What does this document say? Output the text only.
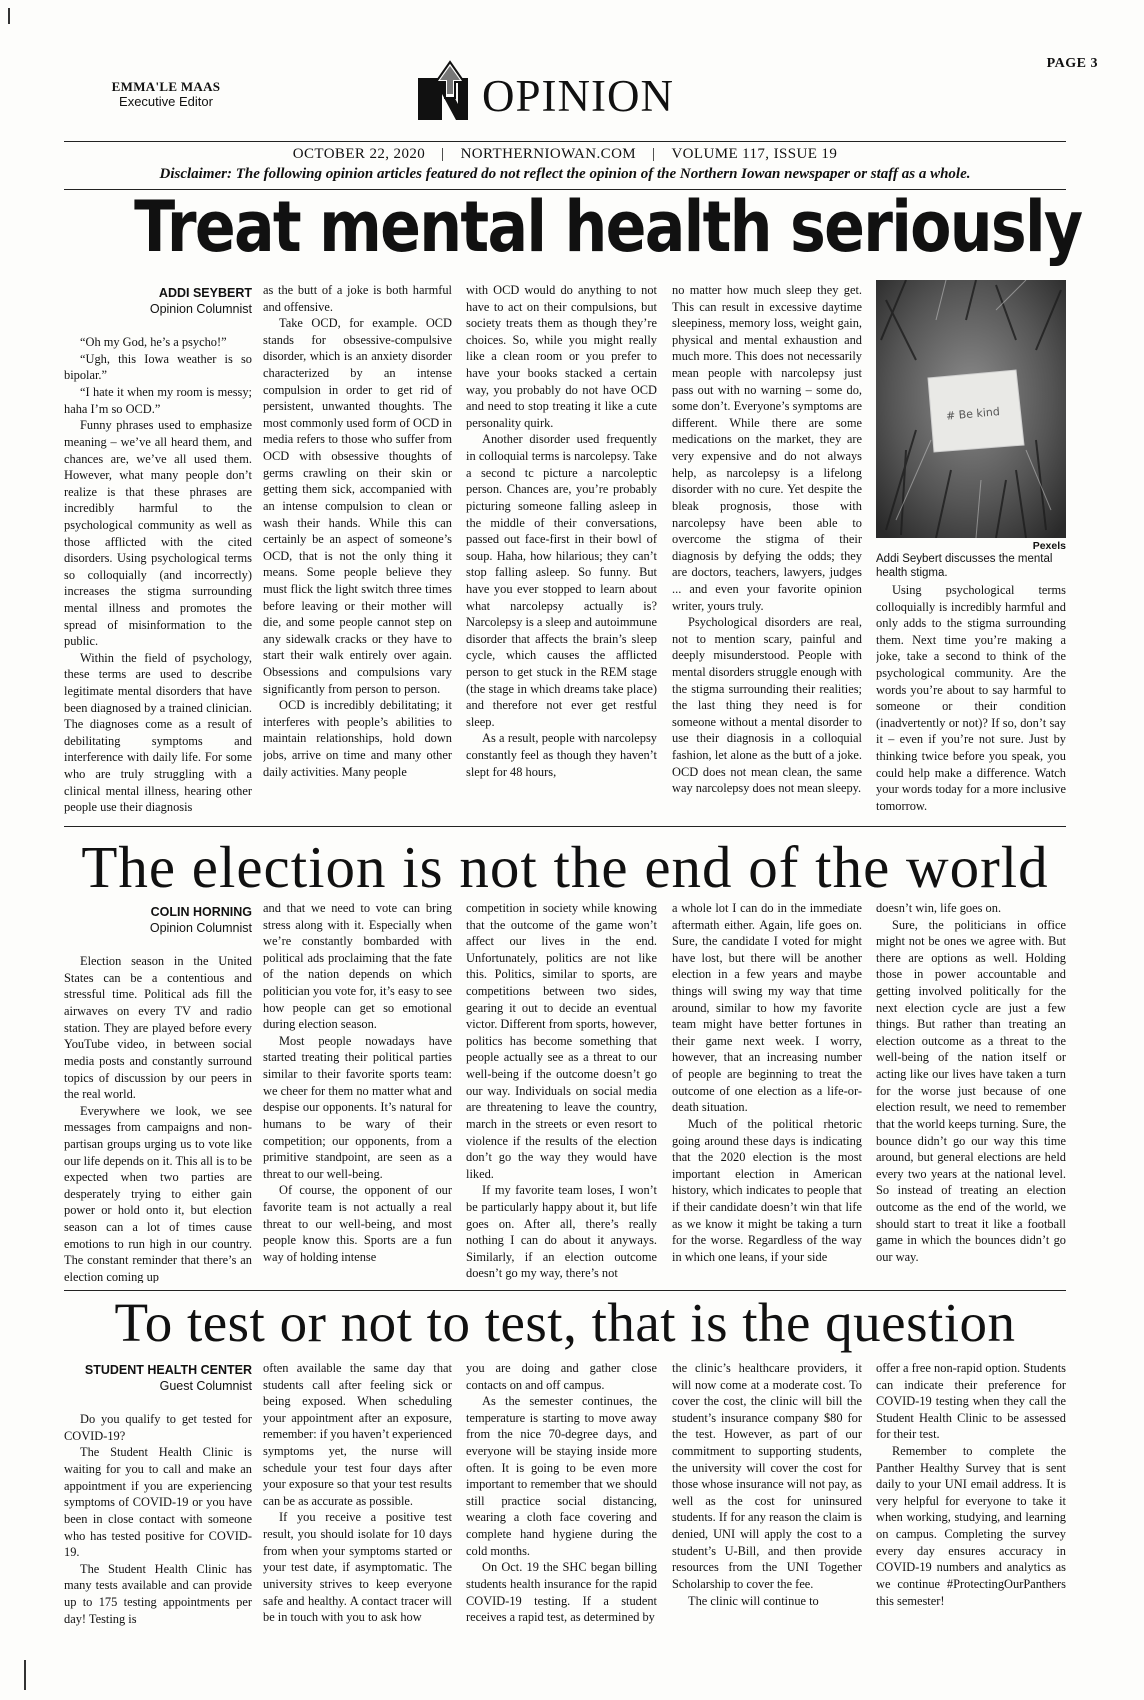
EMMA'LE MAAS
Executive Editor	OPINION
PAGE 3
OCTOBER 22, 2020 | NORTHERNIOWAN.COM | VOLUME 117, ISSUE 19
Disclaimer: The following opinion articles featured do not reflect the opinion of the Northern Iowan newspaper or staff as a whole.
Treat mental health seriously
ADDI SEYBERT
Opinion Columnist

“Oh my God, he’s a psycho!”

“Ugh, this Iowa weather is so bipolar.”

“I hate it when my room is messy; haha I’m so OCD.”

Funny phrases used to emphasize meaning – we’ve all heard them, and chances are, we’ve all used them. However, what many people don’t realize is that these phrases are incredibly harmful to the psychological community as well as those afflicted with the cited disorders. Using psychological terms so colloquially (and incorrectly) increases the stigma surrounding mental illness and promotes the spread of misinformation to the public.

Within the field of psychology, these terms are used to describe legitimate mental disorders that have been diagnosed by a trained clinician. The diagnoses come as a result of debilitating symptoms and interference with daily life. For some who are truly struggling with a clinical mental illness, hearing other people use their diagnosis

as the butt of a joke is both harmful and offensive.

Take OCD, for example. OCD stands for obsessive-compulsive disorder, which is an anxiety disorder characterized by an intense compulsion in order to get rid of persistent, unwanted thoughts. The most commonly used form of OCD in media refers to those who suffer from OCD with obsessive thoughts of germs crawling on their skin or getting them sick, accompanied with an intense compulsion to clean or wash their hands. While this can certainly be an aspect of someone’s OCD, that is not the only thing it means. Some people believe they must flick the light switch three times before leaving or their mother will die, and some people cannot step on any sidewalk cracks or they have to start their walk entirely over again. Obsessions and compulsions vary significantly from person to person.

OCD is incredibly debilitating; it interferes with people’s abilities to maintain relationships, hold down jobs, arrive on time and many other daily activities. Many people

with OCD would do anything to not have to act on their compulsions, but society treats them as though they’re choices. So, while you might really like a clean room or you prefer to have your books stacked a certain way, you probably do not have OCD and need to stop treating it like a cute personality quirk.

Another disorder used frequently in colloquial terms is narcolepsy. Take a second tc picture a narcoleptic person. Chances are, you’re probably picturing someone falling asleep in the middle of their conversations, passed out face-first in their bowl of soup. Haha, how hilarious; they can’t stop falling asleep. So funny. But have you ever stopped to learn about what narcolepsy actually is? Narcolepsy is a sleep and autoimmune disorder that affects the brain’s sleep cycle, which causes the afflicted person to get stuck in the REM stage (the stage in which dreams take place) and therefore not ever get restful sleep.

As a result, people with narcolepsy constantly feel as though they haven’t slept for 48 hours,

no matter how much sleep they get. This can result in excessive daytime sleepiness, memory loss, weight gain, physical and mental exhaustion and much more. This does not necessarily mean people with narcolepsy just pass out with no warning – some do, some don’t. Everyone’s symptoms are different. While there are some medications on the market, they are very expensive and do not always help, as narcolepsy is a lifelong disorder with no cure. Yet despite the bleak prognosis, those with narcolepsy have been able to overcome the stigma of their diagnosis by defying the odds; they are doctors, teachers, lawyers, judges ... and even your favorite opinion writer, yours truly.

Psychological disorders are real, not to mention scary, painful and deeply misunderstood. People with mental disorders struggle enough with the stigma surrounding their realities; the last thing they need is for someone without a mental disorder to use their diagnosis in a colloquial fashion, let alone as the butt of a joke. OCD does not mean clean, the same way narcolepsy does not mean sleepy.

# Be kind
Pexels
Addi Seybert discusses the mental health stigma.

Using psychological terms colloquially is incredibly harmful and only adds to the stigma surrounding them. Next time you’re making a joke, take a second to think of the psychological community. Are the words you’re about to say harmful to someone or their condition (inadvertently or not)? If so, don’t say it – even if you’re not sure. Just by thinking twice before you speak, you could help make a difference. Watch your words today for a more inclusive tomorrow.

The election is not the end of the world
COLIN HORNING
Opinion Columnist

Election season in the United States can be a contentious and stressful time. Political ads fill the airwaves on every TV and radio station. They are played before every YouTube video, in between social media posts and constantly surround topics of discussion by our peers in the real world.

Everywhere we look, we see messages from campaigns and non-partisan groups urging us to vote like our life depends on it. This all is to be expected when two parties are desperately trying to either gain power or hold onto it, but election season can a lot of times cause emotions to run high in our country. The constant reminder that there’s an election coming up

and that we need to vote can bring stress along with it. Especially when we’re constantly bombarded with political ads proclaiming that the fate of the nation depends on which politician you vote for, it’s easy to see how people can get so emotional during election season.

Most people nowadays have started treating their political parties similar to their favorite sports team: we cheer for them no matter what and despise our opponents. It’s natural for humans to be wary of their competition; our opponents, from a primitive standpoint, are seen as a threat to our well-being.

Of course, the opponent of our favorite team is not actually a real threat to our well-being, and most people know this. Sports are a fun way of holding intense

competition in society while knowing that the outcome of the game won’t affect our lives in the end. Unfortunately, politics are not like this. Politics, similar to sports, are competitions between two sides, gearing it out to decide an eventual victor. Different from sports, however, politics has become something that people actually see as a threat to our well-being if the outcome doesn’t go our way. Individuals on social media are threatening to leave the country, march in the streets or even resort to violence if the results of the election don’t go the way they would have liked.

If my favorite team loses, I won’t be particularly happy about it, but life goes on. After all, there’s really nothing I can do about it anyways. Similarly, if an election outcome doesn’t go my way, there’s not

a whole lot I can do in the immediate aftermath either. Again, life goes on. Sure, the candidate I voted for might have lost, but there will be another election in a few years and maybe things will swing my way that time around, similar to how my favorite team might have better fortunes in their game next week. I worry, however, that an increasing number of people are beginning to treat the outcome of one election as a life-or-death situation.

Much of the political rhetoric going around these days is indicating that the 2020 election is the most important election in American history, which indicates to people that if their candidate doesn’t win that life as we know it might be taking a turn for the worse. Regardless of the way in which one leans, if your side

doesn’t win, life goes on.

Sure, the politicians in office might not be ones we agree with. But there are options as well. Holding those in power accountable and getting involved politically for the next election cycle are just a few things. But rather than treating an election outcome as a threat to the well-being of the nation itself or acting like our lives have taken a turn for the worse just because of one election result, we need to remember that the world keeps turning. Sure, the bounce didn’t go our way this time around, but general elections are held every two years at the national level. So instead of treating an election outcome as the end of the world, we should start to treat it like a football game in which the bounces didn’t go our way.

To test or not to test, that is the question
STUDENT HEALTH CENTER
Guest Columnist

Do you qualify to get tested for COVID-19?

The Student Health Clinic is waiting for you to call and make an appointment if you are experiencing symptoms of COVID-19 or you have been in close contact with someone who has tested positive for COVID-19.

The Student Health Clinic has many tests available and can provide up to 175 testing appointments per day! Testing is

often available the same day that students call after feeling sick or being exposed. When scheduling your appointment after an exposure, remember: if you haven’t experienced symptoms yet, the nurse will schedule your test four days after your exposure so that your test results can be as accurate as possible.

If you receive a positive test result, you should isolate for 10 days from when your symptoms started or your test date, if asymptomatic. The university strives to keep everyone safe and healthy. A contact tracer will be in touch with you to ask how

you are doing and gather close contacts on and off campus.

As the semester continues, the temperature is starting to move away from the nice 70-degree days, and everyone will be staying inside more often. It is going to be even more important to remember that we should still practice social distancing, wearing a cloth face covering and complete hand hygiene during the cold months.

On Oct. 19 the SHC began billing students health insurance for the rapid COVID-19 testing. If a student receives a rapid test, as determined by

the clinic’s healthcare providers, it will now come at a moderate cost. To cover the cost, the clinic will bill the student’s insurance company $80 for the test. However, as part of our commitment to supporting students, the university will cover the cost for those whose insurance will not pay, as well as the cost for uninsured students. If for any reason the claim is denied, UNI will apply the cost to a student’s U-Bill, and then provide resources from the UNI Together Scholarship to cover the fee.

The clinic will continue to

offer a free non-rapid option. Students can indicate their preference for COVID-19 testing when they call the Student Health Clinic to be assessed for their test.

Remember to complete the Panther Healthy Survey that is sent daily to your UNI email address. It is very helpful for everyone to take it when working, studying, and learning on campus. Completing the survey every day ensures accuracy in COVID-19 numbers and analytics as we continue #ProtectingOurPanthers this semester!
